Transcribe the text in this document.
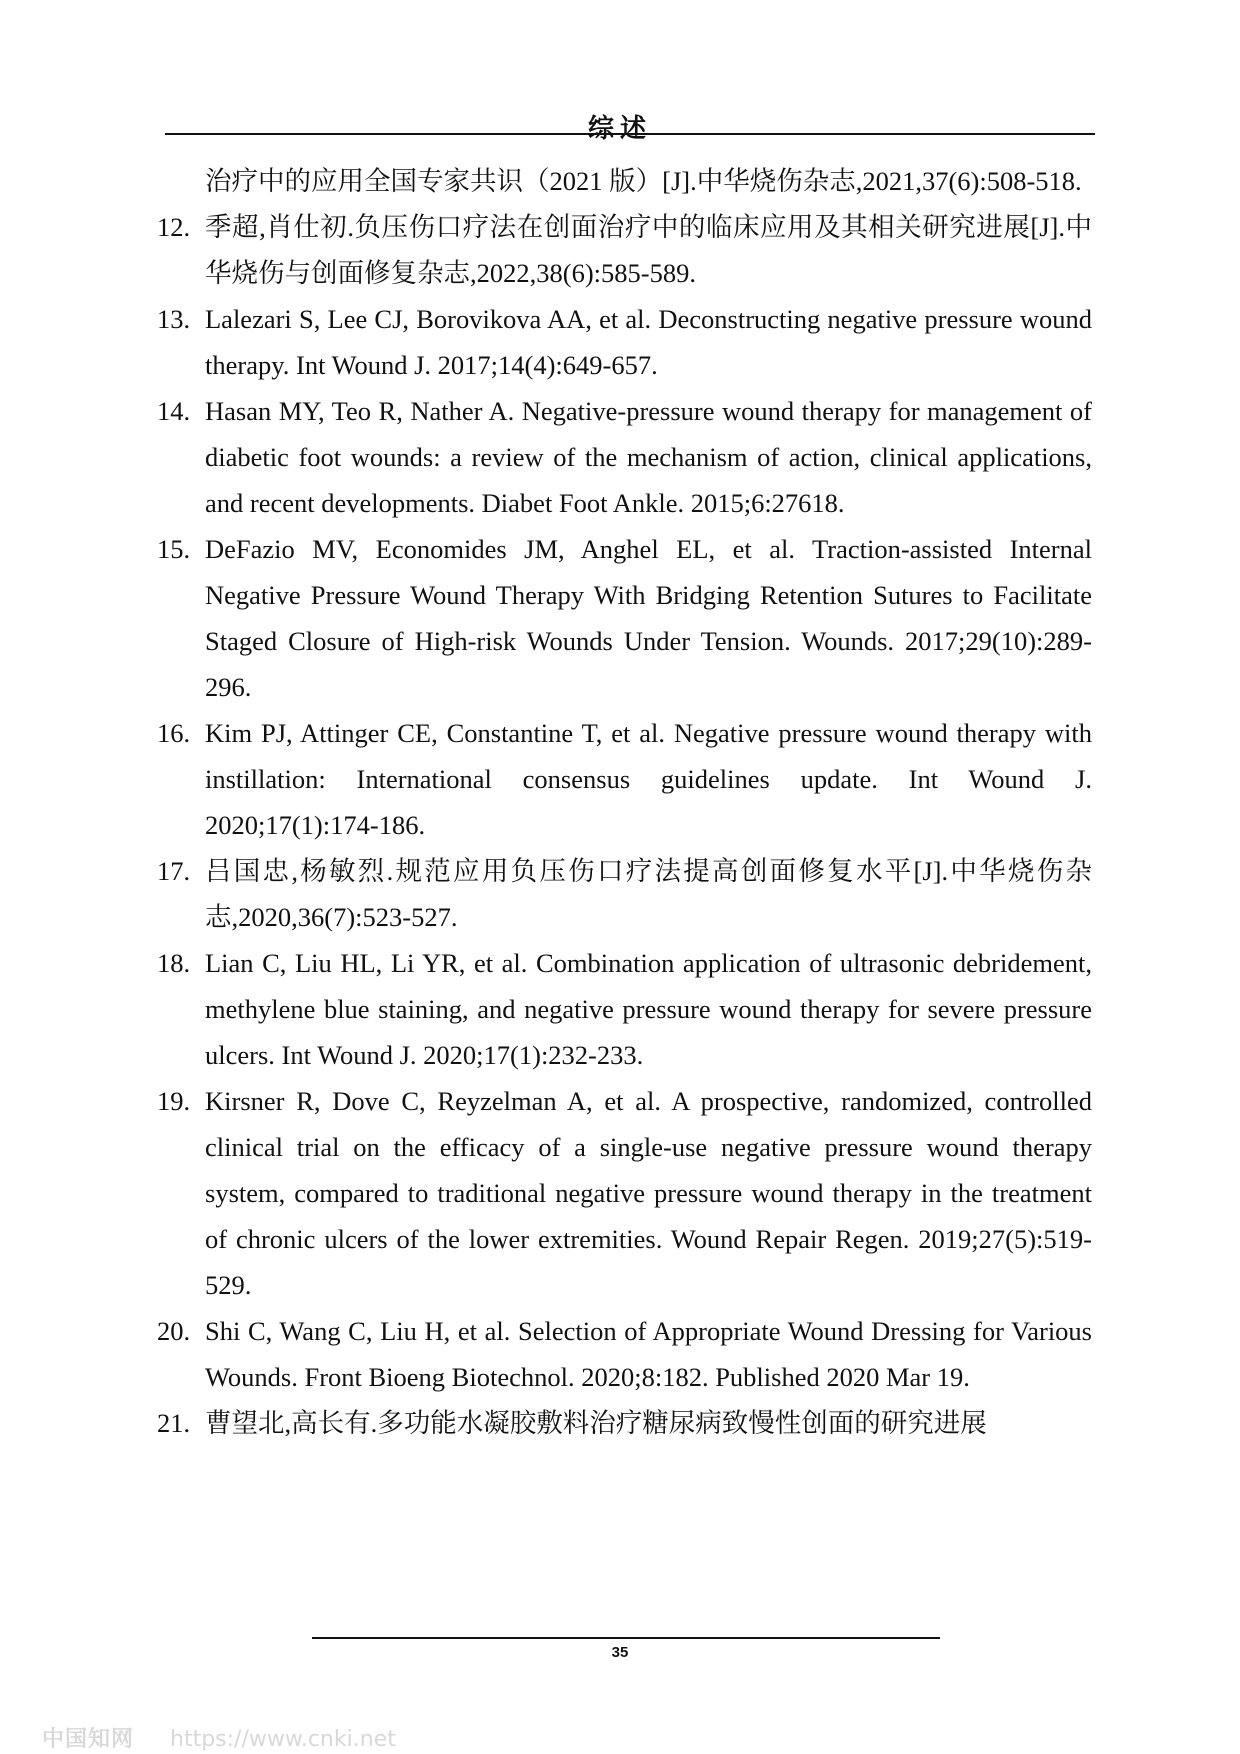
综述
治疗中的应用全国专家共识（2021 版）[J].中华烧伤杂志,2021,37(6):508-518.
12. 季超,肖仕初.负压伤口疗法在创面治疗中的临床应用及其相关研究进展[J].中华烧伤与创面修复杂志,2022,38(6):585-589.
13. Lalezari S, Lee CJ, Borovikova AA, et al. Deconstructing negative pressure wound therapy. Int Wound J. 2017;14(4):649-657.
14. Hasan MY, Teo R, Nather A. Negative-pressure wound therapy for management of diabetic foot wounds: a review of the mechanism of action, clinical applications, and recent developments. Diabet Foot Ankle. 2015;6:27618.
15. DeFazio MV, Economides JM, Anghel EL, et al. Traction-assisted Internal Negative Pressure Wound Therapy With Bridging Retention Sutures to Facilitate Staged Closure of High-risk Wounds Under Tension. Wounds. 2017;29(10):289-296.
16. Kim PJ, Attinger CE, Constantine T, et al. Negative pressure wound therapy with instillation: International consensus guidelines update. Int Wound J. 2020;17(1):174-186.
17. 吕国忠,杨敏烈.规范应用负压伤口疗法提高创面修复水平[J].中华烧伤杂志,2020,36(7):523-527.
18. Lian C, Liu HL, Li YR, et al. Combination application of ultrasonic debridement, methylene blue staining, and negative pressure wound therapy for severe pressure ulcers. Int Wound J. 2020;17(1):232-233.
19. Kirsner R, Dove C, Reyzelman A, et al. A prospective, randomized, controlled clinical trial on the efficacy of a single-use negative pressure wound therapy system, compared to traditional negative pressure wound therapy in the treatment of chronic ulcers of the lower extremities. Wound Repair Regen. 2019;27(5):519-529.
20. Shi C, Wang C, Liu H, et al. Selection of Appropriate Wound Dressing for Various Wounds. Front Bioeng Biotechnol. 2020;8:182. Published 2020 Mar 19.
21. 曹望北,高长有.多功能水凝胶敷料治疗糖尿病致慢性创面的研究进展
35
中国知网 https://www.cnki.net
